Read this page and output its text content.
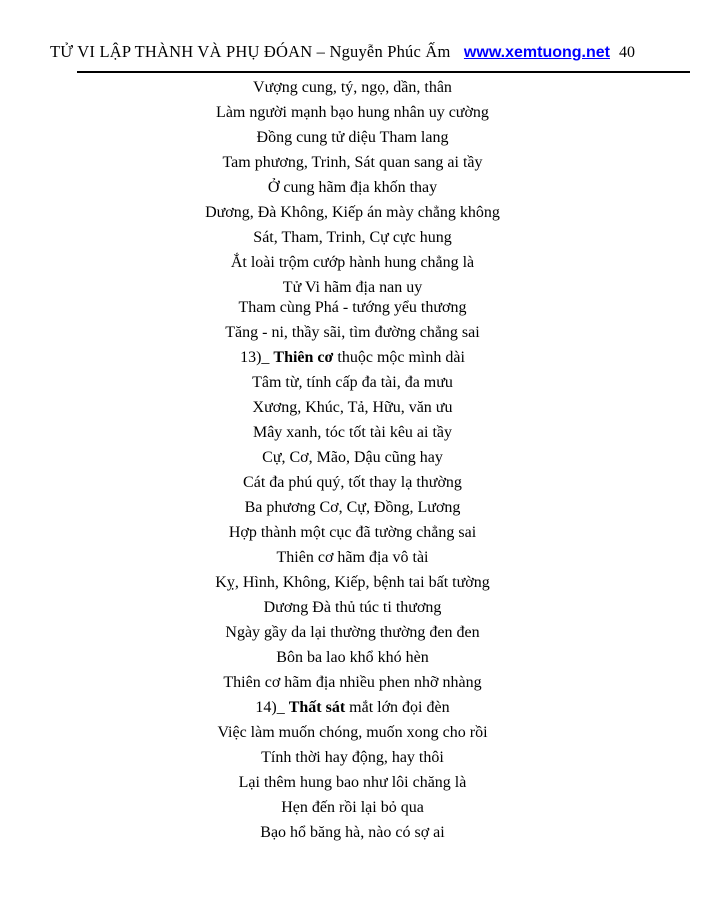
TỬ VI LẬP THÀNH VÀ PHỤ ĐÓAN – Nguyễn Phúc Ấm www.xemtuong.net 40
Vượng cung, tý, ngọ, dần, thân
Làm người mạnh bạo hung nhân uy cường
Đồng cung tử diệu Tham lang
Tam phương, Trinh, Sát quan sang ai tầy
Ở cung hãm địa khốn thay
Dương, Đà Không, Kiếp án mày chẳng không
Sát, Tham, Trinh, Cự cực hung
Ắt loài trộm cướp hành hung chẳng là
Tử Vi hãm địa nan uy
Tham cùng Phá - tướng yểu thương
Tăng - ni, thầy sãi, tìm đường chẳng sai
13)_ Thiên cơ thuộc mộc mình dài
Tâm từ, tính cấp đa tài, đa mưu
Xương, Khúc, Tả, Hữu, văn ưu
Mây xanh, tóc tốt tài kêu ai tầy
Cự, Cơ, Mão, Dậu cũng hay
Cát đa phú quý, tốt thay lạ thường
Ba phương Cơ, Cự, Đồng, Lương
Hợp thành một cục đã tường chẳng sai
Thiên cơ hãm địa vô tài
Kỵ, Hình, Không, Kiếp, bệnh tai bất tường
Dương Đà thủ túc ti thương
Ngày gầy da lại thường thường đen đen
Bôn ba lao khổ khó hèn
Thiên cơ hãm địa nhiều phen nhỡ nhàng
14)_ Thất sát mắt lớn đọi đèn
Việc làm muốn chóng, muốn xong cho rồi
Tính thời hay động, hay thôi
Lại thêm hung bao như lôi chăng là
Hẹn đến rồi lại bỏ qua
Bạo hổ băng hà, nào có sợ ai
